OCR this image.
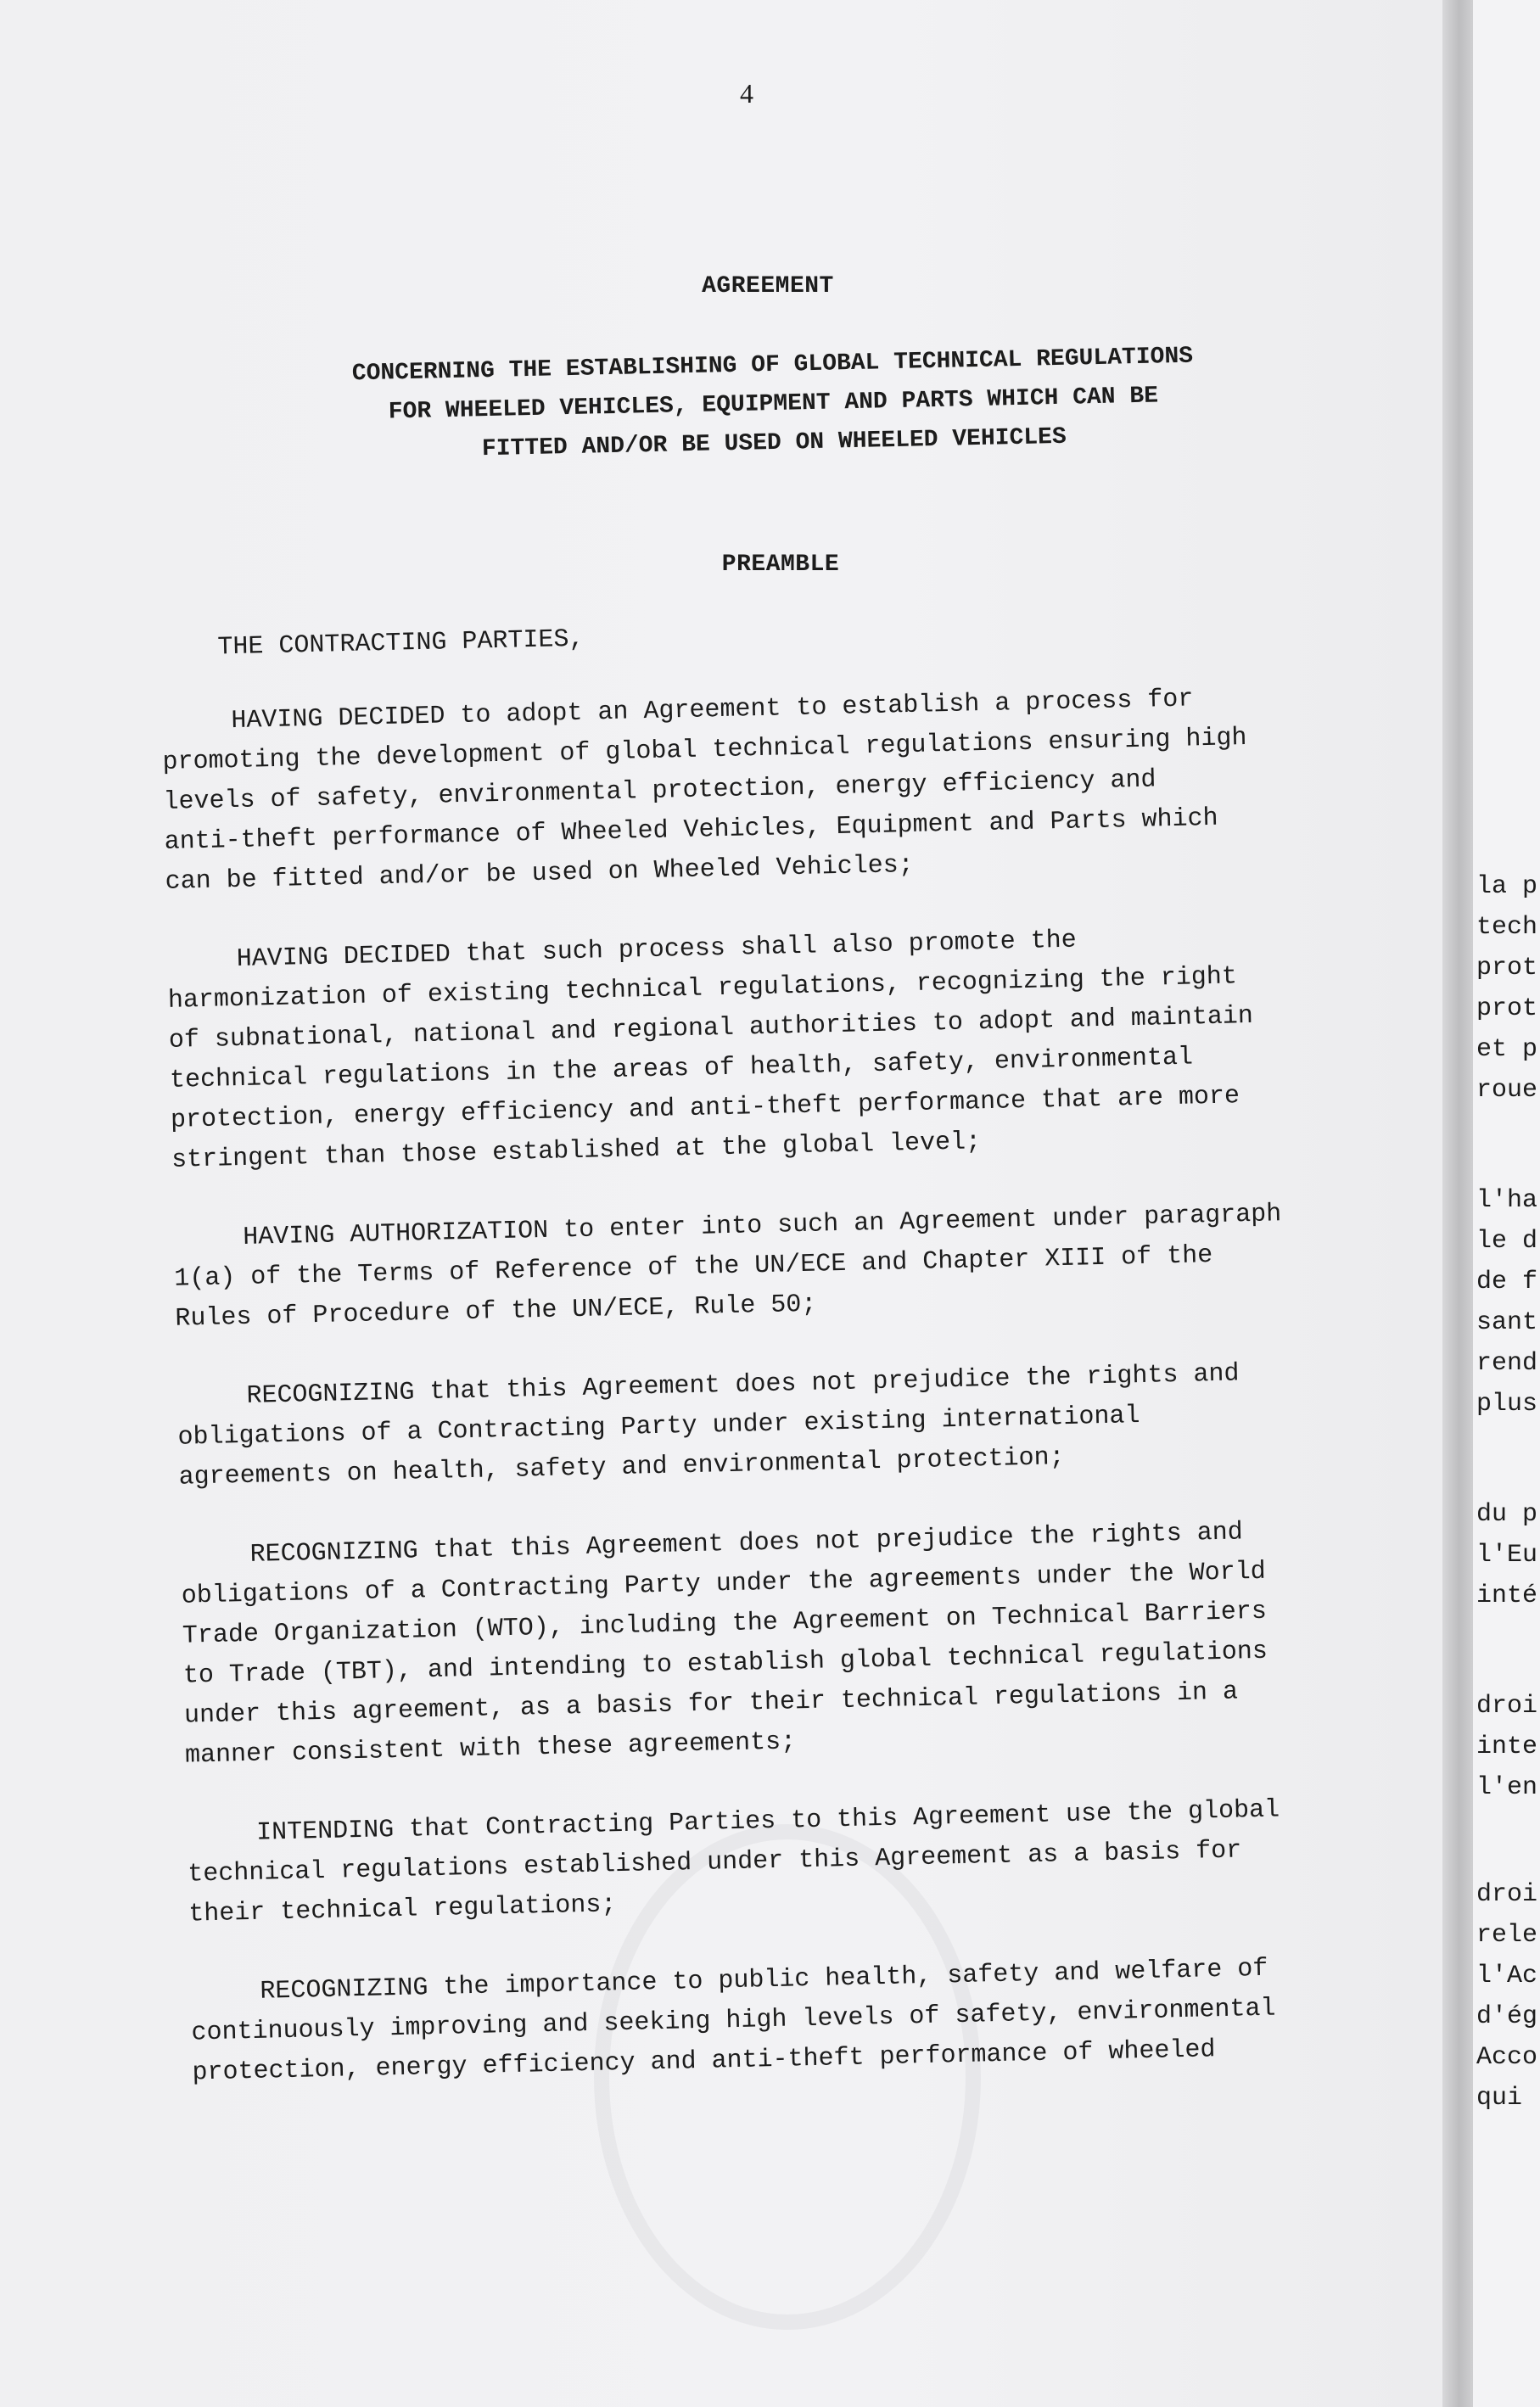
4
AGREEMENT
CONCERNING THE ESTABLISHING OF GLOBAL TECHNICAL REGULATIONS
FOR WHEELED VEHICLES, EQUIPMENT AND PARTS WHICH CAN BE
FITTED AND/OR BE USED ON WHEELED VEHICLES
PREAMBLE
THE CONTRACTING PARTIES,
HAVING DECIDED to adopt an Agreement to establish a process for
promoting the development of global technical regulations ensuring high
levels of safety, environmental protection, energy efficiency and
anti-theft performance of Wheeled Vehicles, Equipment and Parts which
can be fitted and/or be used on Wheeled Vehicles;
HAVING DECIDED that such process shall also promote the
harmonization of existing technical regulations, recognizing the right
of subnational, national and regional authorities to adopt and maintain
technical regulations in the areas of health, safety, environmental
protection, energy efficiency and anti-theft performance that are more
stringent than those established at the global level;
HAVING AUTHORIZATION to enter into such an Agreement under paragraph
1(a) of the Terms of Reference of the UN/ECE and Chapter XIII of the
Rules of Procedure of the UN/ECE, Rule 50;
RECOGNIZING that this Agreement does not prejudice the rights and
obligations of a Contracting Party under existing international
agreements on health, safety and environmental protection;
RECOGNIZING that this Agreement does not prejudice the rights and
obligations of a Contracting Party under the agreements under the World
Trade Organization (WTO), including the Agreement on Technical Barriers
to Trade (TBT), and intending to establish global technical regulations
under this agreement, as a basis for their technical regulations in a
manner consistent with these agreements;
INTENDING that Contracting Parties to this Agreement use the global
technical regulations established under this Agreement as a basis for
their technical regulations;
RECOGNIZING the importance to public health, safety and welfare of
continuously improving and seeking high levels of safety, environmental
protection, energy efficiency and anti-theft performance of wheeled
la p
tech
prot
prot
et p
roue
l'ha
le d
de f
sant
rend
plus
du p
l'Eu
inté
droi
inte
l'en
droi
rele
l'Ac
d'ég
Acco
qui
